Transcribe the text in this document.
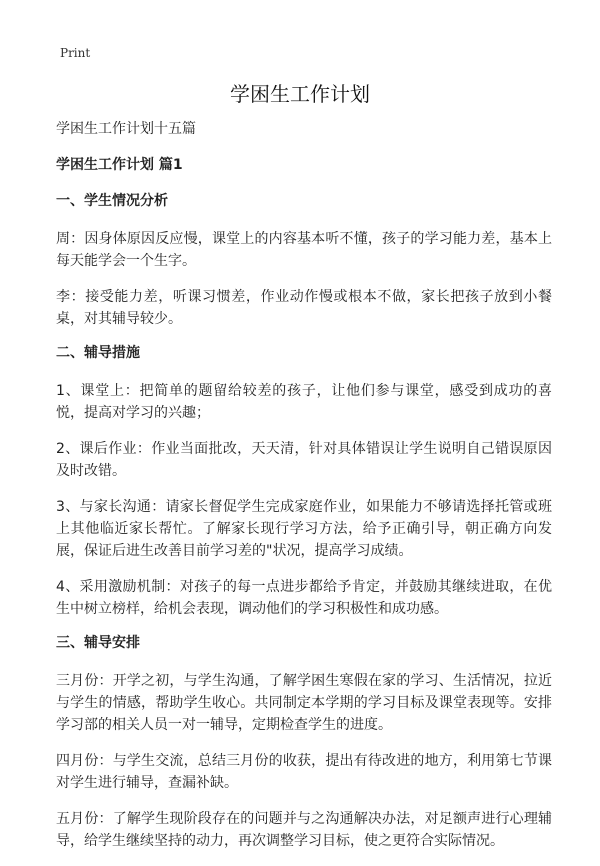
Print
学困生工作计划

学困生工作计划十五篇

学困生工作计划 篇1

一、学生情况分析

周：因身体原因反应慢，课堂上的内容基本听不懂，孩子的学习能力差，基本上每天能学会一个生字。

李：接受能力差，听课习惯差，作业动作慢或根本不做，家长把孩子放到小餐桌，对其辅导较少。

二、辅导措施

1、课堂上：把简单的题留给较差的孩子，让他们参与课堂，感受到成功的喜悦，提高对学习的兴趣；

2、课后作业：作业当面批改，天天清，针对具体错误让学生说明自己错误原因及时改错。

3、与家长沟通：请家长督促学生完成家庭作业，如果能力不够请选择托管或班上其他临近家长帮忙。了解家长现行学习方法，给予正确引导，朝正确方向发展，保证后进生改善目前学习差的"状况，提高学习成绩。

4、采用激励机制：对孩子的每一点进步都给予肯定，并鼓励其继续进取，在优生中树立榜样，给机会表现，调动他们的学习积极性和成功感。

三、辅导安排

三月份：开学之初，与学生沟通，了解学困生寒假在家的学习、生活情况，拉近与学生的情感，帮助学生收心。共同制定本学期的学习目标及课堂表现等。安排学习部的相关人员一对一辅导，定期检查学生的进度。

四月份：与学生交流，总结三月份的收获，提出有待改进的地方，利用第七节课对学生进行辅导，查漏补缺。

五月份：了解学生现阶段存在的问题并与之沟通解决办法，对足额声进行心理辅导，给学生继续坚持的动力，再次调整学习目标，使之更符合实际情况。
